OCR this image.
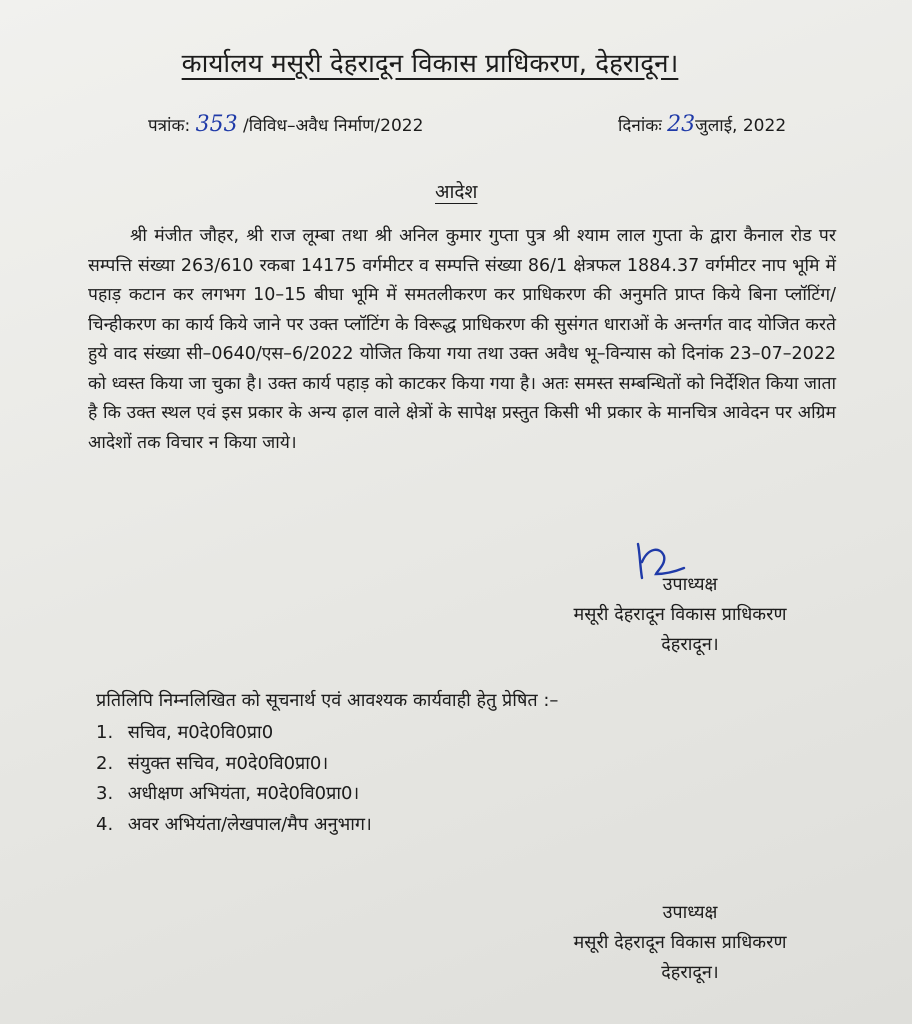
कार्यालय मसूरी देहरादून विकास प्राधिकरण, देहरादून।
पत्रांक: 353 /विविध–अवैध निर्माण/2022	दिनांकः 23जुलाई, 2022
आदेश

श्री मंजीत जौहर, श्री राज लूम्बा तथा श्री अनिल कुमार गुप्ता पुत्र श्री श्याम लाल गुप्ता के द्वारा कैनाल रोड पर सम्पत्ति संख्या 263/610 रकबा 14175 वर्गमीटर व सम्पत्ति संख्या 86/1 क्षेत्रफल 1884.37 वर्गमीटर नाप भूमि में पहाड़ कटान कर लगभग 10–15 बीघा भूमि में समतलीकरण कर प्राधिकरण की अनुमति प्राप्त किये बिना प्लॉटिंग/चिन्हीकरण का कार्य किये जाने पर उक्त प्लॉटिंग के विरूद्ध प्राधिकरण की सुसंगत धाराओं के अन्तर्गत वाद योजित करते हुये वाद संख्या सी–0640/एस–6/2022 योजित किया गया तथा उक्त अवैध भू–विन्यास को दिनांक 23–07–2022 को ध्वस्त किया जा चुका है। उक्त कार्य पहाड़ को काटकर किया गया है। अतः समस्त सम्बन्धितों को निर्देशित किया जाता है कि उक्त स्थल एवं इस प्रकार के अन्य ढ़ाल वाले क्षेत्रों के सापेक्ष प्रस्तुत किसी भी प्रकार के मानचित्र आवेदन पर अग्रिम आदेशों तक विचार न किया जाये।

उपाध्यक्ष
मसूरी देहरादून विकास प्राधिकरण
देहरादून।
प्रतिलिपि निम्नलिखित को सूचनार्थ एवं आवश्यक कार्यवाही हेतु प्रेषित :–
1. सचिव, म0दे0वि0प्रा0
2. संयुक्त सचिव, म0दे0वि0प्रा0।
3. अधीक्षण अभियंता, म0दे0वि0प्रा0।
4. अवर अभियंता/लेखपाल/मैप अनुभाग।
उपाध्यक्ष
मसूरी देहरादून विकास प्राधिकरण
देहरादून।
